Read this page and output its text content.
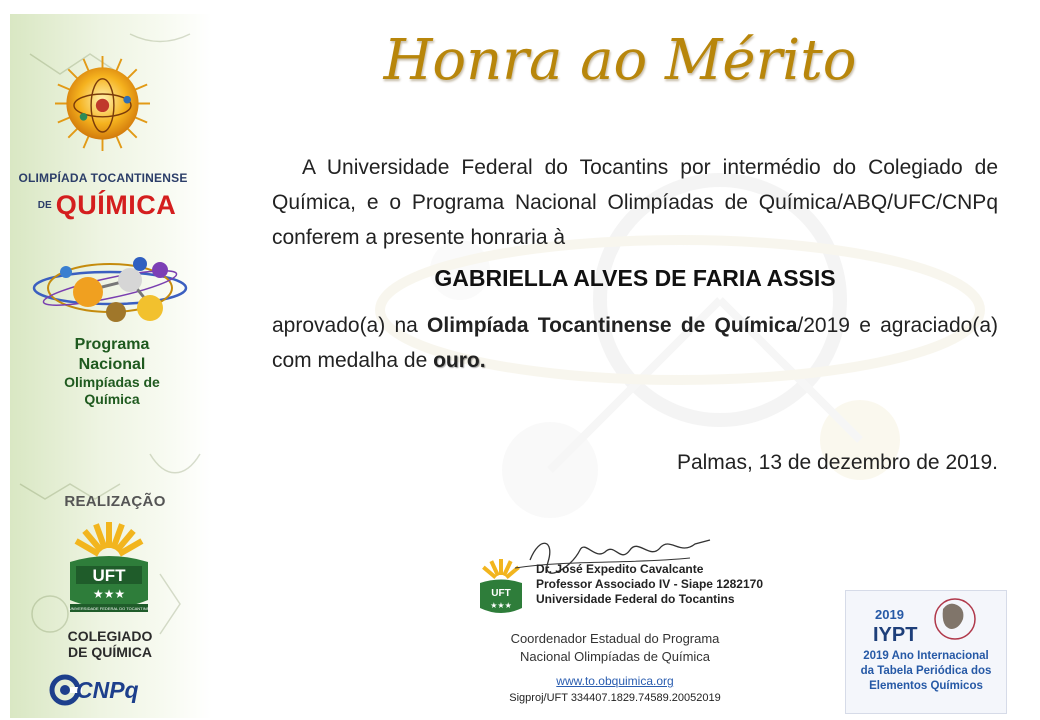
OLIMPÍADA TOCANTINENSE
DE QUÍMICA
Programa
Nacional
Olimpíadas de
Química
REALIZAÇÃO
UFT
★★★
UNIVERSIDADE FEDERAL DO TOCANTINS
COLEGIADO
DE QUÍMICA
CNPq
Honra ao Mérito
A Universidade Federal do Tocantins por intermédio do Colegiado de Química, e o Programa Nacional Olimpíadas de Química/ABQ/UFC/CNPq conferem a presente honraria à
GABRIELLA ALVES DE FARIA ASSIS
aprovado(a) na Olimpíada Tocantinense de Química/2019 e agraciado(a) com medalha de ouro.
Palmas, 13 de dezembro de 2019.
UFT
★★★
Dr. José Expedito Cavalcante
Professor Associado IV - Siape 1282170
Universidade Federal do Tocantins
Coordenador Estadual do Programa
Nacional Olimpíadas de Química
www.to.obquimica.org
Sigproj/UFT 334407.1829.74589.20052019
2019
IYPT
2019 Ano Internacional
da Tabela Periódica dos
Elementos Químicos
